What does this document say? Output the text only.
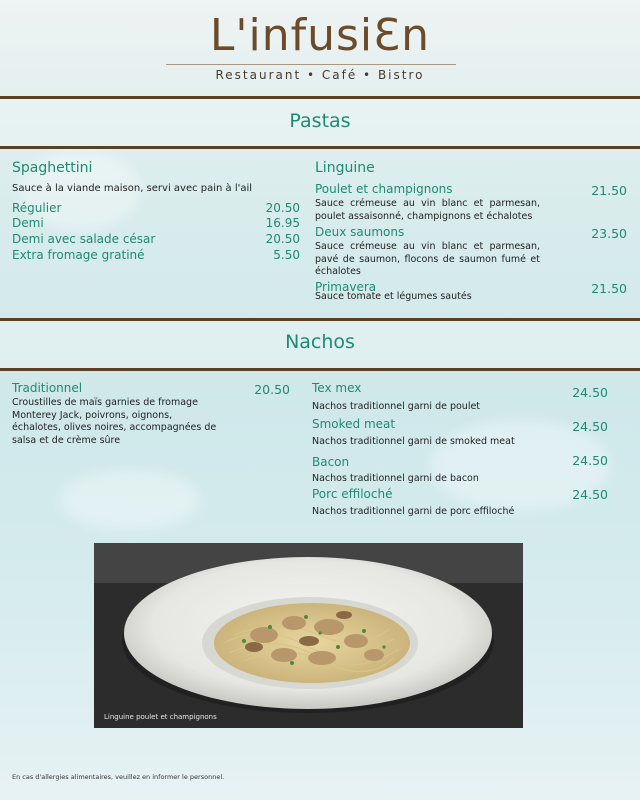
L'infusiƐn
Restaurant • Café • Bistro
Pastas
Spaghettini
Sauce à la viande maison, servi avec pain à l'ail
Régulier	20.50
Demi	16.95
Demi avec salade césar	20.50
Extra fromage gratiné	5.50
Linguine
Poulet et champignons	21.50
Sauce crémeuse au vin blanc et parmesan, poulet assaisonné, champignons et échalotes
Deux saumons	23.50
Sauce crémeuse au vin blanc et parmesan, pavé de saumon, flocons de saumon fumé et échalotes
Primavera	21.50
Sauce tomate et légumes sautés
Nachos
Traditionnel	20.50
Croustilles de maïs garnies de fromage Monterey Jack, poivrons, oignons, échalotes, olives noires, accompagnées de salsa et de crème sûre
Tex mex	24.50
Nachos traditionnel garni de poulet
Smoked meat	24.50
Nachos traditionnel garni de smoked meat
Bacon	24.50
Nachos traditionnel garni de bacon
Porc effiloché	24.50
Nachos traditionnel garni de porc effiloché
Linguine poulet et champignons
En cas d'allergies alimentaires, veuillez en informer le personnel.
